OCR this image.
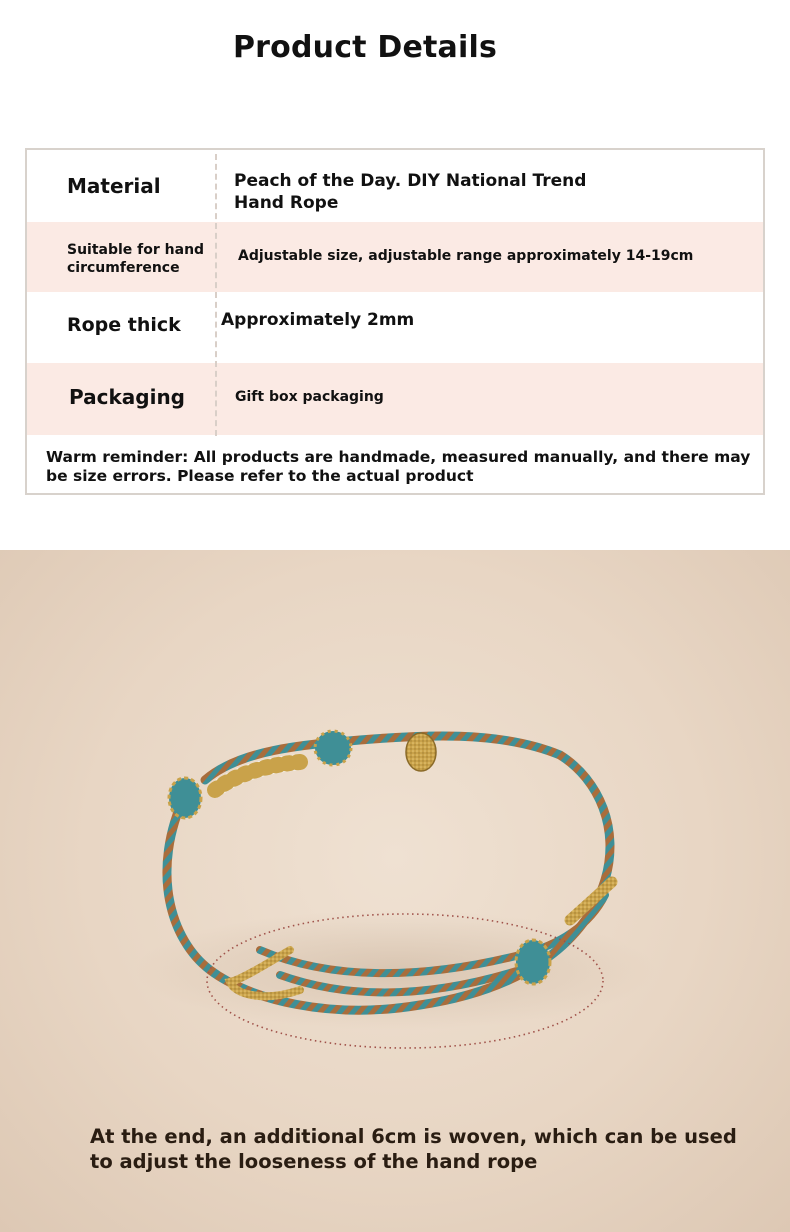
Product Details
Material	Peach of the Day. DIY National Trend Hand Rope
Suitable for hand circumference
Adjustable size, adjustable range approximately 14-19cm
Rope thick Approximately 2mm
Packaging	Gift box packaging
Warm reminder: All products are handmade, measured manually, and there may be size errors. Please refer to the actual product
At the end, an additional 6cm is woven, which can be used to adjust the looseness of the hand rope
